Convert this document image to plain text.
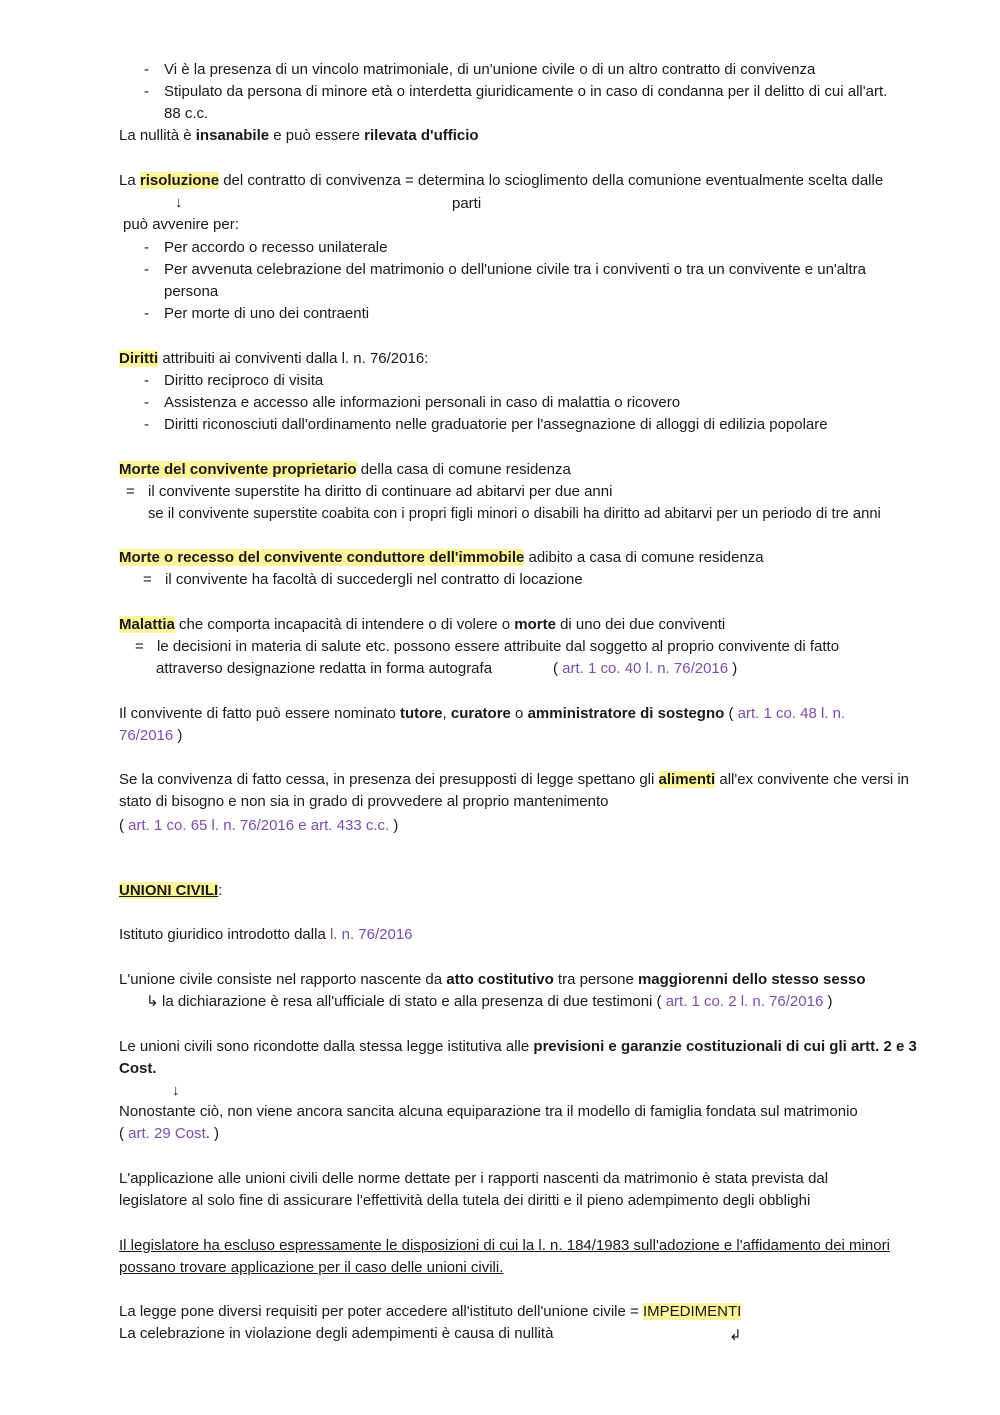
- Vi è la presenza di un vincolo matrimoniale, di un'unione civile o di un altro contratto di convivenza
- Stipulato da persona di minore età o interdetta giuridicamente o in caso di condanna per il delitto di cui all'art.
88 c.c.
La nullità è insanabile e può essere rilevata d'ufficio
La risoluzione del contratto di convivenza = determina lo scioglimento della comunione eventualmente scelta dalle
↓	parti
può avvenire per:
- Per accordo o recesso unilaterale
- Per avvenuta celebrazione del matrimonio o dell'unione civile tra i conviventi o tra un convivente e un'altra
persona
- Per morte di uno dei contraenti
Diritti attribuiti ai conviventi dalla l. n. 76/2016:
- Diritto reciproco di visita
- Assistenza e accesso alle informazioni personali in caso di malattia o ricovero
- Diritti riconosciuti dall'ordinamento nelle graduatorie per l'assegnazione di alloggi di edilizia popolare
Morte del convivente proprietario della casa di comune residenza
= il convivente superstite ha diritto di continuare ad abitarvi per due anni
se il convivente superstite coabita con i propri figli minori o disabili ha diritto ad abitarvi per un periodo di tre anni
Morte o recesso del convivente conduttore dell'immobile adibito a casa di comune residenza
= il convivente ha facoltà di succedergli nel contratto di locazione
Malattia che comporta incapacità di intendere o di volere o morte di uno dei due conviventi
= le decisioni in materia di salute etc. possono essere attribuite dal soggetto al proprio convivente di fatto
attraverso designazione redatta in forma autografa	( art. 1 co. 40 l. n. 76/2016 )
Il convivente di fatto può essere nominato tutore, curatore o amministratore di sostegno ( art. 1 co. 48 l. n.
76/2016 )
Se la convivenza di fatto cessa, in presenza dei presupposti di legge spettano gli alimenti all'ex convivente che versi in
stato di bisogno e non sia in grado di provvedere al proprio mantenimento
( art. 1 co. 65 l. n. 76/2016 e art. 433 c.c. )
UNIONI CIVILI:
Istituto giuridico introdotto dalla l. n. 76/2016
L'unione civile consiste nel rapporto nascente da atto costitutivo tra persone maggiorenni dello stesso sesso
↳ la dichiarazione è resa all'ufficiale di stato e alla presenza di due testimoni ( art. 1 co. 2 l. n. 76/2016 )
Le unioni civili sono ricondotte dalla stessa legge istitutiva alle previsioni e garanzie costituzionali di cui gli artt. 2 e 3
Cost.
↓
Nonostante ciò, non viene ancora sancita alcuna equiparazione tra il modello di famiglia fondata sul matrimonio
( art. 29 Cost. )
L'applicazione alle unioni civili delle norme dettate per i rapporti nascenti da matrimonio è stata prevista dal
legislatore al solo fine di assicurare l'effettività della tutela dei diritti e il pieno adempimento degli obblighi
Il legislatore ha escluso espressamente le disposizioni di cui la l. n. 184/1983 sull'adozione e l'affidamento dei minori
possano trovare applicazione per il caso delle unioni civili.
La legge pone diversi requisiti per poter accedere all'istituto dell'unione civile = IMPEDIMENTI
La celebrazione in violazione degli adempimenti è causa di nullità	↲
